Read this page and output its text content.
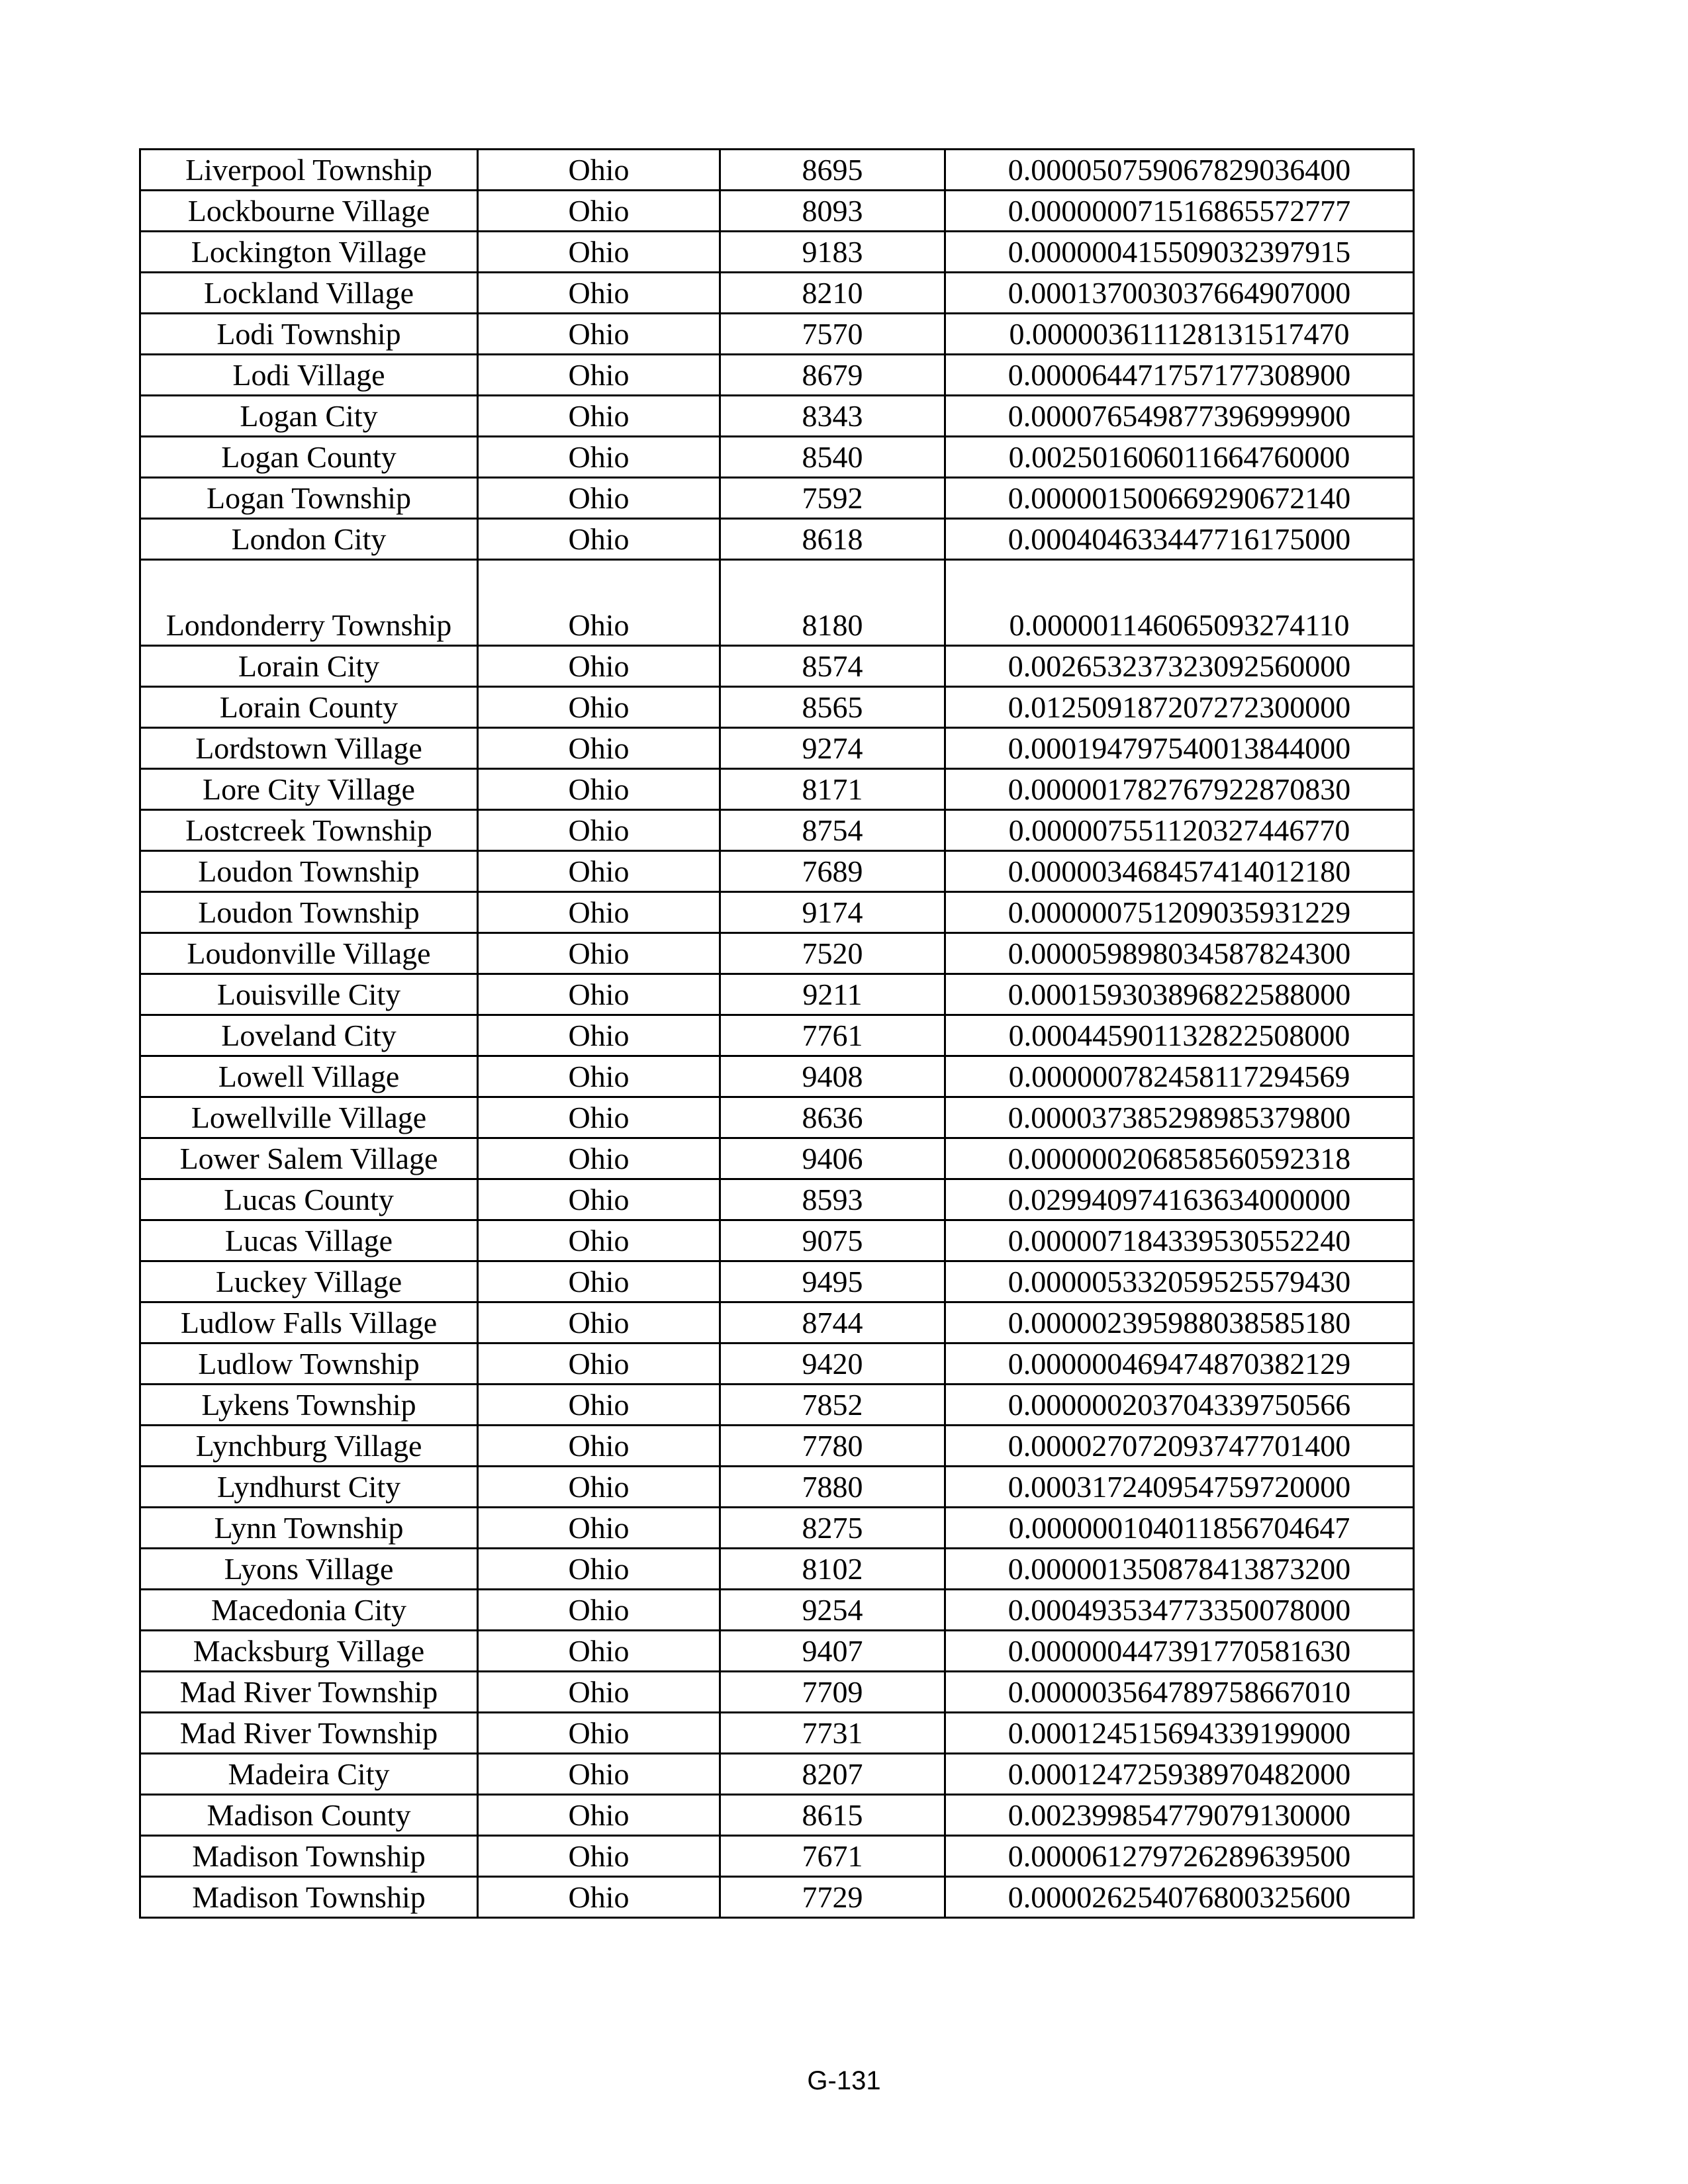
Liverpool Township	Ohio	8695	0.000050759067829036400
Lockbourne Village	Ohio	8093	0.000000071516865572777
Lockington Village	Ohio	9183	0.000000415509032397915
Lockland Village	Ohio	8210	0.000137003037664907000
Lodi Township	Ohio	7570	0.000003611128131517470
Lodi Village	Ohio	8679	0.000064471757177308900
Logan City	Ohio	8343	0.000076549877396999900
Logan County	Ohio	8540	0.002501606011664760000
Logan Township	Ohio	7592	0.000001500669290672140
London City	Ohio	8618	0.000404633447716175000
Londonderry Township	Ohio	8180	0.000001146065093274110
Lorain City	Ohio	8574	0.002653237323092560000
Lorain County	Ohio	8565	0.012509187207272300000
Lordstown Village	Ohio	9274	0.000194797540013844000
Lore City Village	Ohio	8171	0.000001782767922870830
Lostcreek Township	Ohio	8754	0.000007551120327446770
Loudon Township	Ohio	7689	0.000003468457414012180
Loudon Township	Ohio	9174	0.000000751209035931229
Loudonville Village	Ohio	7520	0.000059898034587824300
Louisville City	Ohio	9211	0.000159303896822588000
Loveland City	Ohio	7761	0.000445901132822508000
Lowell Village	Ohio	9408	0.000000782458117294569
Lowellville Village	Ohio	8636	0.000037385298985379800
Lower Salem Village	Ohio	9406	0.000000206858560592318
Lucas County	Ohio	8593	0.029940974163634000000
Lucas Village	Ohio	9075	0.000007184339530552240
Luckey Village	Ohio	9495	0.000005332059525579430
Ludlow Falls Village	Ohio	8744	0.000002395988038585180
Ludlow Township	Ohio	9420	0.000000469474870382129
Lykens Township	Ohio	7852	0.000000203704339750566
Lynchburg Village	Ohio	7780	0.000027072093747701400
Lyndhurst City	Ohio	7880	0.000317240954759720000
Lynn Township	Ohio	8275	0.000000104011856704647
Lyons Village	Ohio	8102	0.000001350878413873200
Macedonia City	Ohio	9254	0.000493534773350078000
Macksburg Village	Ohio	9407	0.000000447391770581630
Mad River Township	Ohio	7709	0.000003564789758667010
Mad River Township	Ohio	7731	0.000124515694339199000
Madeira City	Ohio	8207	0.000124725938970482000
Madison County	Ohio	8615	0.002399854779079130000
Madison Township	Ohio	7671	0.000061279726289639500
Madison Township	Ohio	7729	0.000026254076800325600
G-131
